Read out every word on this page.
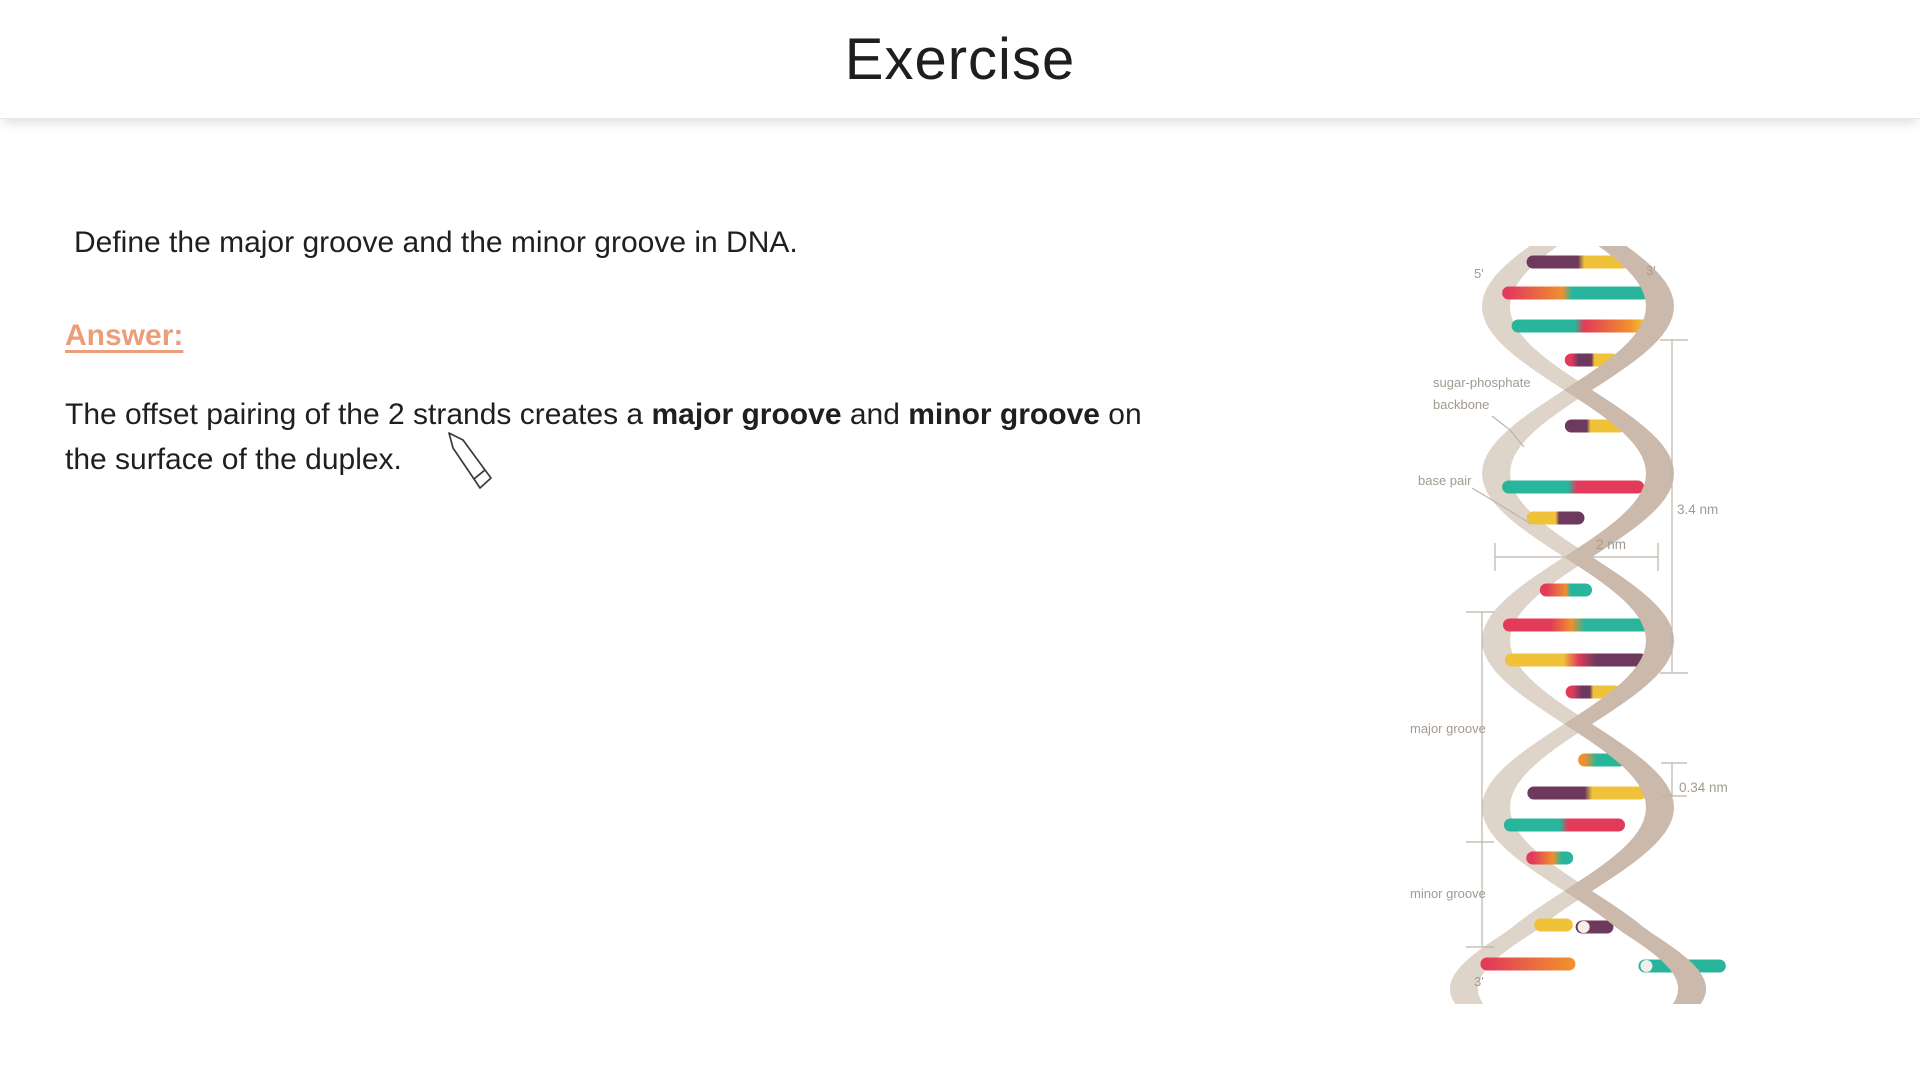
Exercise
Define the major groove and the minor groove in DNA.
Answer:

The offset pairing of the 2 strands creates a major groove and minor groove on
the surface of the duplex.

5'	3'
sugar-phosphate
backbone
base pair
3.4 nm
2 nm
major groove
0.34 nm
minor groove
3'
